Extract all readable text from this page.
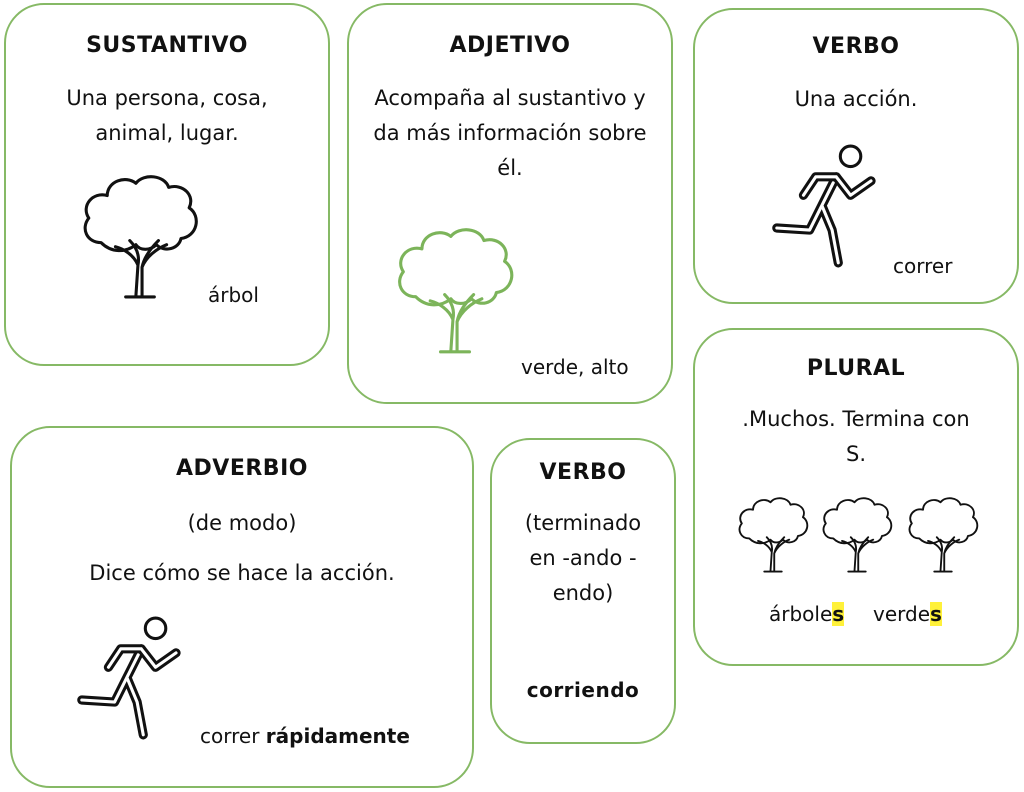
SUSTANTIVO
Una persona, cosa, animal, lugar.
árbol
ADJETIVO
Acompaña al sustantivo y da más información sobre él.
verde, alto
VERBO
Una acción.
correr
PLURAL
.Muchos. Termina con S.
árboles verdes
ADVERBIO
(de modo)
Dice cómo se hace la acción.
correr rápidamente
VERBO
(terminado en -ando - endo)
corriendo
